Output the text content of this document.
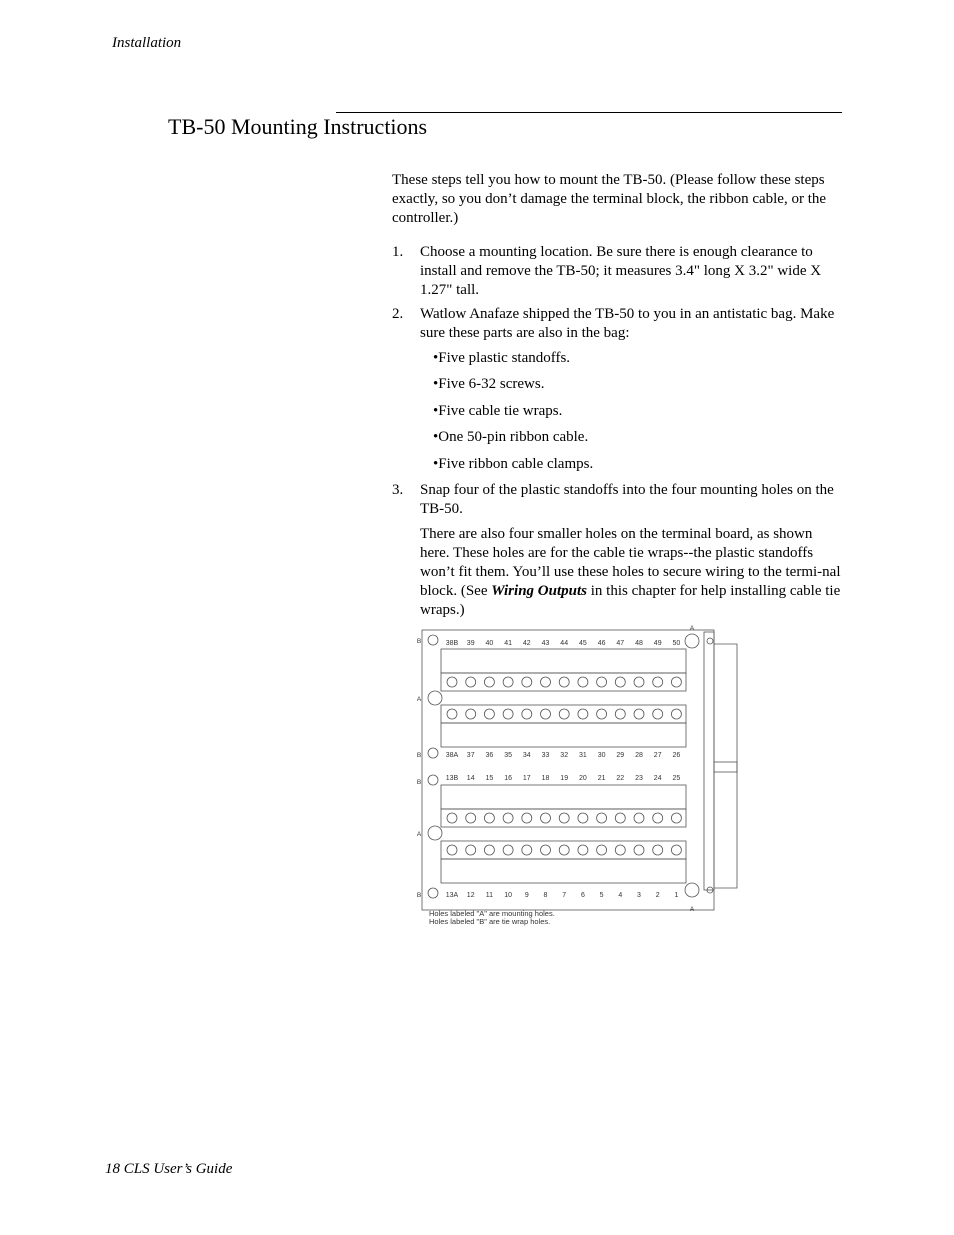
Installation
TB-50 Mounting Instructions
These steps tell you how to mount the TB-50. (Please follow these steps exactly, so you don’t damage the terminal block, the ribbon cable, or the controller.)
1. Choose a mounting location. Be sure there is enough clearance to install and remove the TB-50; it measures 3.4" long X 3.2" wide X 1.27" tall.
2. Watlow Anafaze shipped the TB-50 to you in an antistatic bag. Make sure these parts are also in the bag:
•Five plastic standoffs.
•Five 6-32 screws.
•Five cable tie wraps.
•One 50-pin ribbon cable.
•Five ribbon cable clamps.
3. Snap four of the plastic standoffs into the four mounting holes on the TB-50.
There are also four smaller holes on the terminal board, as shown here. These holes are for the cable tie wraps--the plastic standoffs won’t fit them. You’ll use these holes to secure wiring to the termi-nal block. (See Wiring Outputs in this chapter for help installing cable tie wraps.)
38B 39 40 41 42 43 44 45 46 47 48 49 50
38A 37 36 35 34 33 32 31 30 29 28 27 26
13B 14 15 16 17 18 19 20 21 22 23 24 25
13A 12 11 10 9 8 7 6 5 4 3 2 1
B
A
B
B
A
B
A
A
Holes labeled "A" are mounting holes.
Holes labeled "B" are tie wrap holes.
18 CLS User’s Guide
